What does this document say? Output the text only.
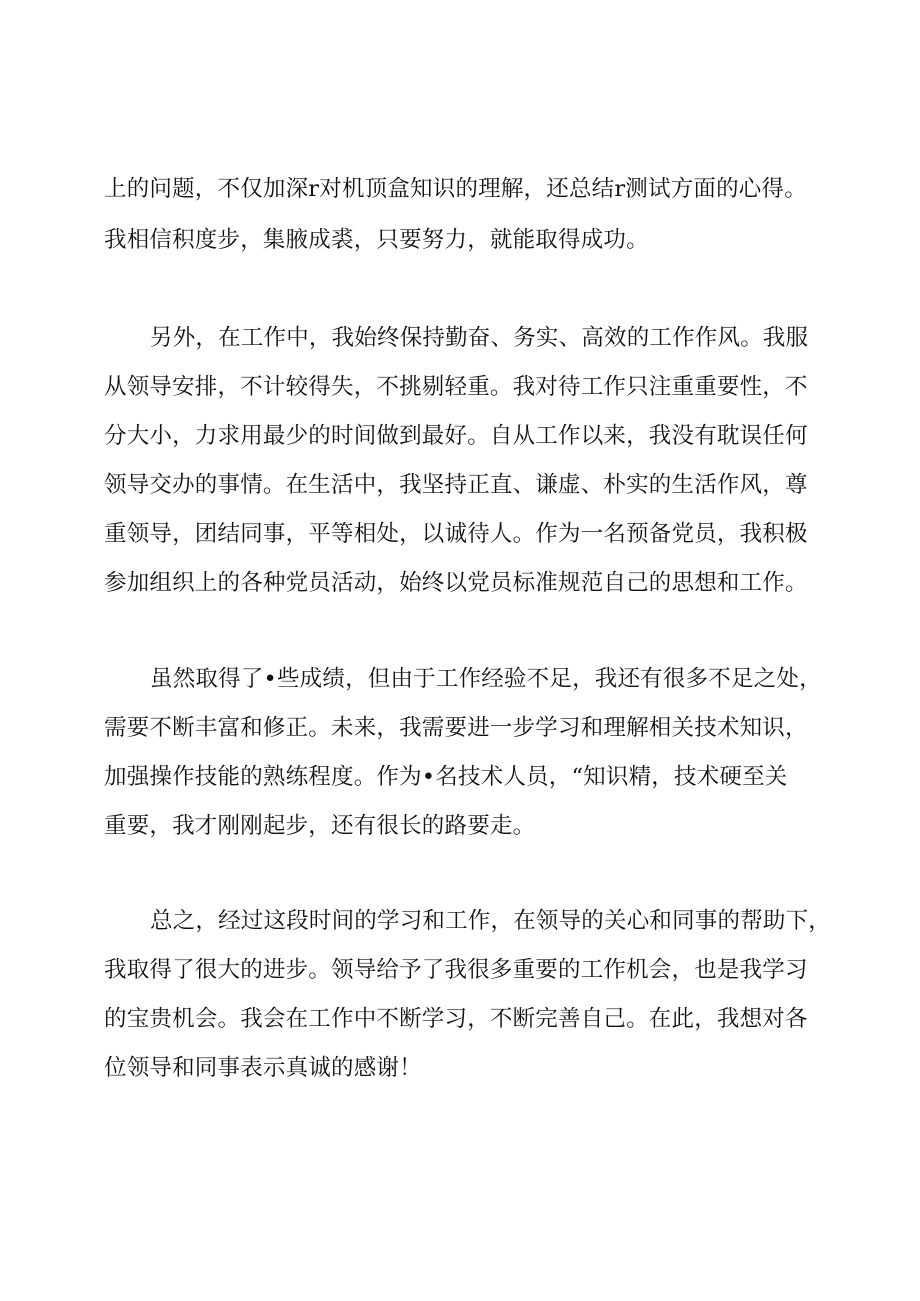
上的问题，不仅加深r对机顶盒知识的理解，还总结r测试方面的心得。
我相信积度步，集腋成裘，只要努力，就能取得成功。
另外，在工作中，我始终保持勤奋、务实、高效的工作作风。我服
从领导安排，不计较得失，不挑剔轻重。我对待工作只注重重要性，不
分大小，力求用最少的时间做到最好。自从工作以来，我没有耽误任何
领导交办的事情。在生活中，我坚持正直、谦虚、朴实的生活作风，尊
重领导，团结同事，平等相处，以诚待人。作为一名预备党员，我积极
参加组织上的各种党员活动，始终以党员标准规范自己的思想和工作。
虽然取得了•些成绩，但由于工作经验不足，我还有很多不足之处，
需要不断丰富和修正。未来，我需要进一步学习和理解相关技术知识，
加强操作技能的熟练程度。作为•名技术人员，“知识精，技术硬至关
重要，我才刚刚起步，还有很长的路要走。
总之，经过这段时间的学习和工作，在领导的关心和同事的帮助下，
我取得了很大的进步。领导给予了我很多重要的工作机会，也是我学习
的宝贵机会。我会在工作中不断学习，不断完善自己。在此，我想对各
位领导和同事表示真诚的感谢！
